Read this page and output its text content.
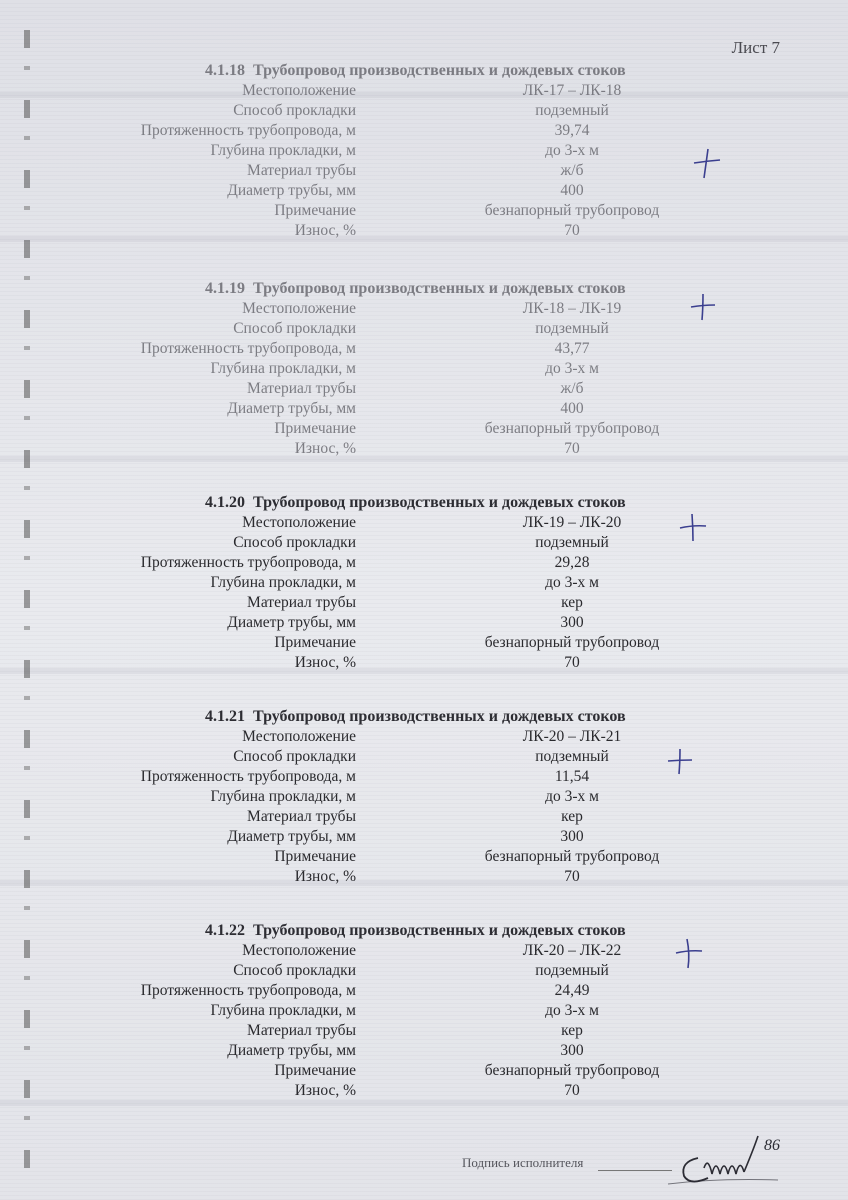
Лист 7
4.1.18 Трубопровод производственных и дождевых стоков
Местоположение	ЛК-17 – ЛК-18
Способ прокладки	подземный
Протяженность трубопровода, м	39,74
Глубина прокладки, м	до 3-х м
Материал трубы	ж/б
Диаметр трубы, мм	400
Примечание	безнапорный трубопровод
Износ, %	70
4.1.19 Трубопровод производственных и дождевых стоков
Местоположение	ЛК-18 – ЛК-19
Способ прокладки	подземный
Протяженность трубопровода, м	43,77
Глубина прокладки, м	до 3-х м
Материал трубы	ж/б
Диаметр трубы, мм	400
Примечание	безнапорный трубопровод
Износ, %	70
4.1.20 Трубопровод производственных и дождевых стоков
Местоположение	ЛК-19 – ЛК-20
Способ прокладки	подземный
Протяженность трубопровода, м	29,28
Глубина прокладки, м	до 3-х м
Материал трубы	кер
Диаметр трубы, мм	300
Примечание	безнапорный трубопровод
Износ, %	70
4.1.21 Трубопровод производственных и дождевых стоков
Местоположение	ЛК-20 – ЛК-21
Способ прокладки	подземный
Протяженность трубопровода, м	11,54
Глубина прокладки, м	до 3-х м
Материал трубы	кер
Диаметр трубы, мм	300
Примечание	безнапорный трубопровод
Износ, %	70
4.1.22 Трубопровод производственных и дождевых стоков
Местоположение	ЛК-20 – ЛК-22
Способ прокладки	подземный
Протяженность трубопровода, м	24,49
Глубина прокладки, м	до 3-х м
Материал трубы	кер
Диаметр трубы, мм	300
Примечание	безнапорный трубопровод
Износ, %	70
Подпись исполнителя
86
